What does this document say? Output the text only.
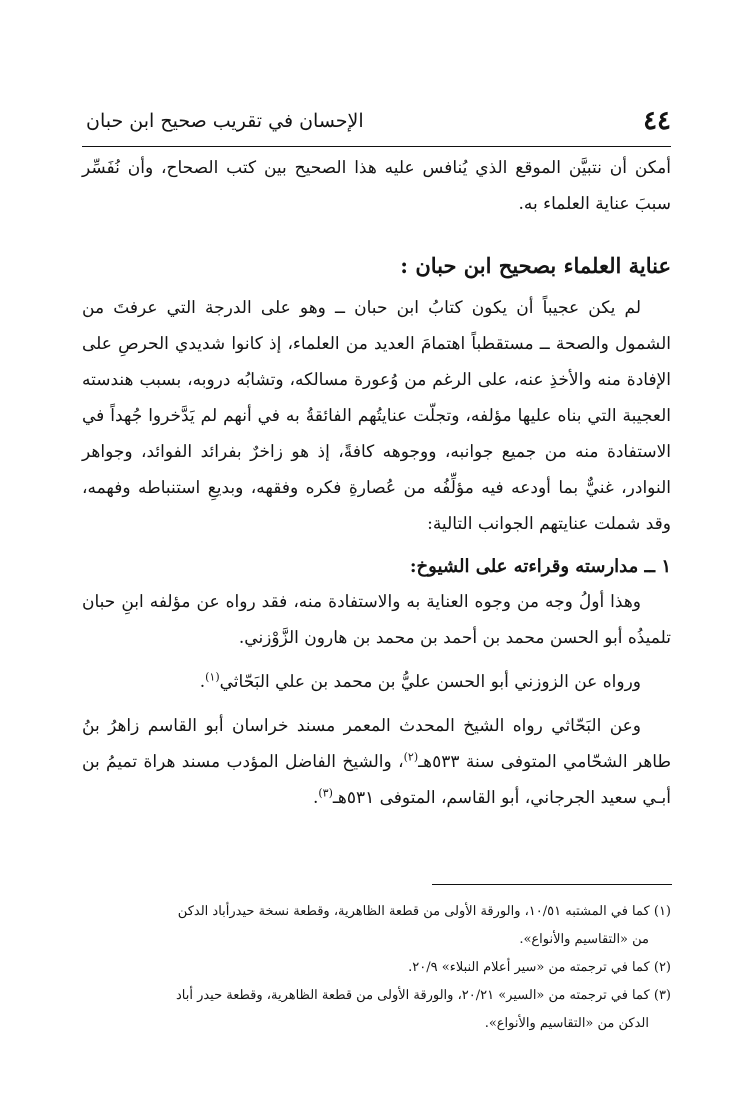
٤٤
الإحسان في تقريب صحيح ابن حبان

أمكن أن نتبيَّن الموقع الذي يُنافس عليه هذا الصحيح بين كتب الصحاح، وأن نُفَسِّر سببَ عناية العلماء به.

عناية العلماء بصحيح ابن حبان :

لم يكن عجيباً أن يكون كتابُ ابن حبان ــ وهو على الدرجة التي عرفتَ من الشمول والصحة ــ مستقطباً اهتمامَ العديد من العلماء، إذ كانوا شديدي الحرصِ على الإفادة منه والأخذِ عنه، على الرغم من وُعورة مسالكه، وتشابُه دروبه، بسبب هندسته العجيبة التي بناه عليها مؤلفه، وتجلّت عنايتُهم الفائقةُ به في أنهم لم يَدَّخروا جُهداً في الاستفادة منه من جميع جوانبه، ووجوهه كافةً، إذ هو زاخرٌ بفرائد الفوائد، وجواهر النوادر، غنيٌّ بما أودعه فيه مؤلِّفُه من عُصارةِ فكره وفقهه، وبديعِ استنباطه وفهمه، وقد شملت عنايتهم الجوانب التالية:

١ ــ مدارسته وقراءته على الشيوخ:

وهذا أولُ وجه من وجوه العناية به والاستفادة منه، فقد رواه عن مؤلفه ابنِ حبان تلميذُه أبو الحسن محمد بن أحمد بن محمد بن هارون الزَّوْزني.

ورواه عن الزوزني أبو الحسن عليُّ بن محمد بن علي البَحّاثي$^{(١)}$.

وعن البَحّاثي رواه الشيخ المحدث المعمر مسند خراسان أبو القاسم زاهرُ بنُ طاهر الشحّامي المتوفى سنة ٥٣٣هـ$^{(٢)}$، والشيخ الفاضل المؤدب مسند هراة تميمُ بن أبـي سعيد الجرجاني، أبو القاسم، المتوفى ٥٣١هـ$^{(٣)}$.

(١) كما في المشتبه ١٠/٥١، والورقة الأولى من قطعة الظاهرية، وقطعة نسخة حيدرأباد الدكن

من «التقاسيم والأنواع».

(٢) كما في ترجمته من «سير أعلام النبلاء» ٢٠/٩.

(٣) كما في ترجمته من «السير» ٢٠/٢١، والورقة الأولى من قطعة الظاهرية، وقطعة حيدر أباد

الدكن من «التقاسيم والأنواع».
